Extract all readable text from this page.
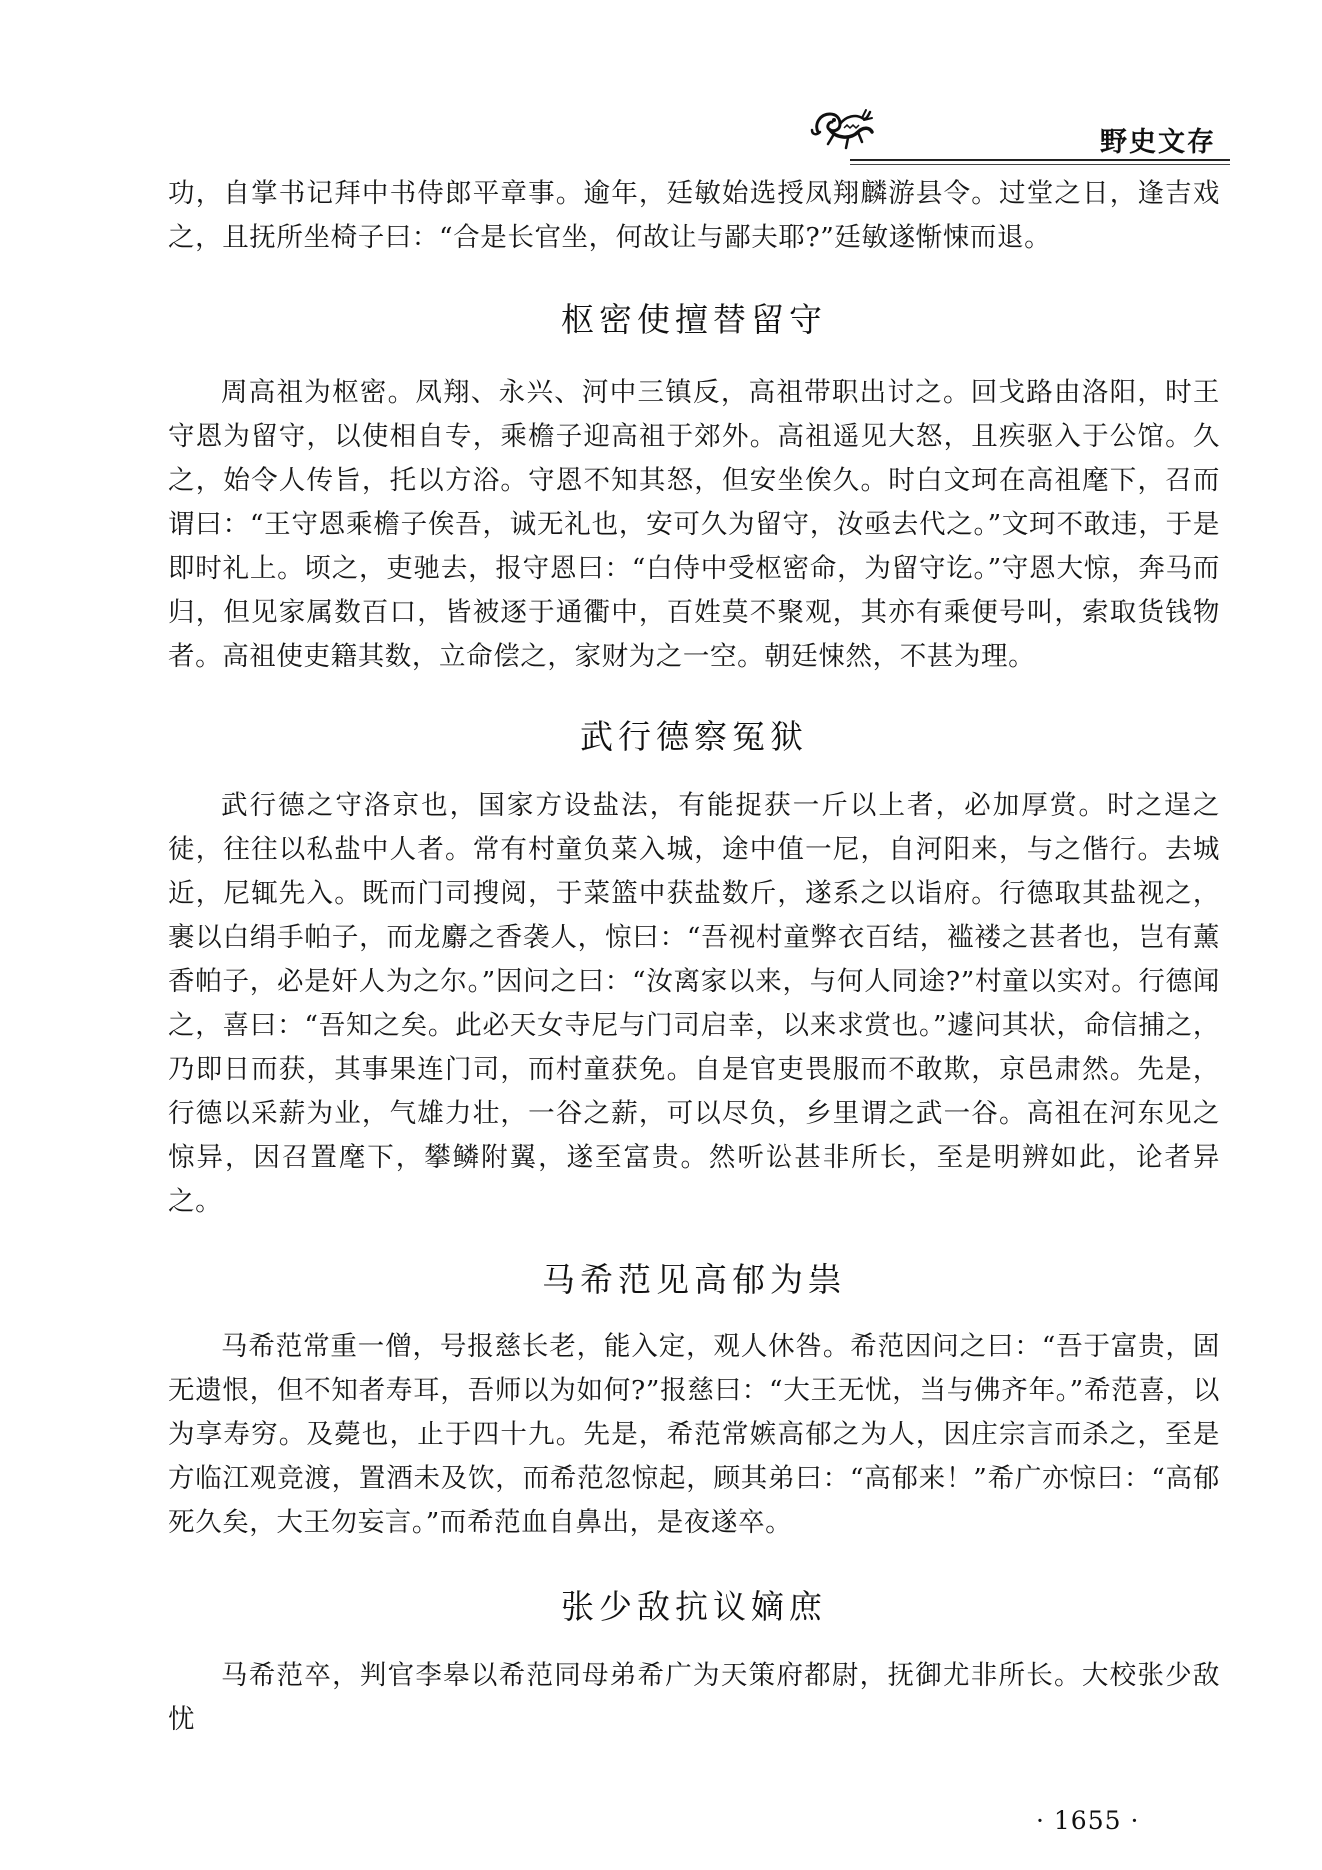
野史文存

功，自掌书记拜中书侍郎平章事。逾年，廷敏始选授凤翔麟游县令。过堂之日，逢吉戏之，且抚所坐椅子曰：“合是长官坐，何故让与鄙夫耶?”廷敏遂惭悚而退。

枢密使擅替留守

周高祖为枢密。凤翔、永兴、河中三镇反，高祖带职出讨之。回戈路由洛阳，时王守恩为留守，以使相自专，乘檐子迎高祖于郊外。高祖遥见大怒，且疾驱入于公馆。久之，始令人传旨，托以方浴。守恩不知其怒，但安坐俟久。时白文珂在高祖麾下，召而谓曰：“王守恩乘檐子俟吾，诚无礼也，安可久为留守，汝亟去代之。”文珂不敢违，于是即时礼上。顷之，吏驰去，报守恩曰：“白侍中受枢密命，为留守讫。”守恩大惊，奔马而归，但见家属数百口，皆被逐于通衢中，百姓莫不聚观，其亦有乘便号叫，索取货钱物者。高祖使吏籍其数，立命偿之，家财为之一空。朝廷悚然，不甚为理。

武行德察冤狱

武行德之守洛京也，国家方设盐法，有能捉获一斤以上者，必加厚赏。时之逞之徒，往往以私盐中人者。常有村童负菜入城，途中值一尼，自河阳来，与之偕行。去城近，尼辄先入。既而门司搜阅，于菜篮中获盐数斤，遂系之以诣府。行德取其盐视之，裹以白绢手帕子，而龙麝之香袭人，惊曰：“吾视村童弊衣百结，褴褛之甚者也，岂有薰香帕子，必是奸人为之尔。”因问之曰：“汝离家以来，与何人同途?”村童以实对。行德闻之，喜曰：“吾知之矣。此必天女寺尼与门司启幸，以来求赏也。”遽问其状，命信捕之，乃即日而获，其事果连门司，而村童获免。自是官吏畏服而不敢欺，京邑肃然。先是，行德以采薪为业，气雄力壮，一谷之薪，可以尽负，乡里谓之武一谷。高祖在河东见之惊异，因召置麾下，攀鳞附翼，遂至富贵。然听讼甚非所长，至是明辨如此，论者异之。

马希范见高郁为祟

马希范常重一僧，号报慈长老，能入定，观人休咎。希范因问之曰：“吾于富贵，固无遗恨，但不知者寿耳，吾师以为如何?”报慈曰：“大王无忧，当与佛齐年。”希范喜，以为享寿穷。及薨也，止于四十九。先是，希范常嫉高郁之为人，因庄宗言而杀之，至是方临江观竞渡，置酒未及饮，而希范忽惊起，顾其弟曰：“高郁来！”希广亦惊曰：“高郁死久矣，大王勿妄言。”而希范血自鼻出，是夜遂卒。

张少敌抗议嫡庶

马希范卒，判官李皋以希范同母弟希广为天策府都尉，抚御尤非所长。大校张少敌忧

· 1655 ·
